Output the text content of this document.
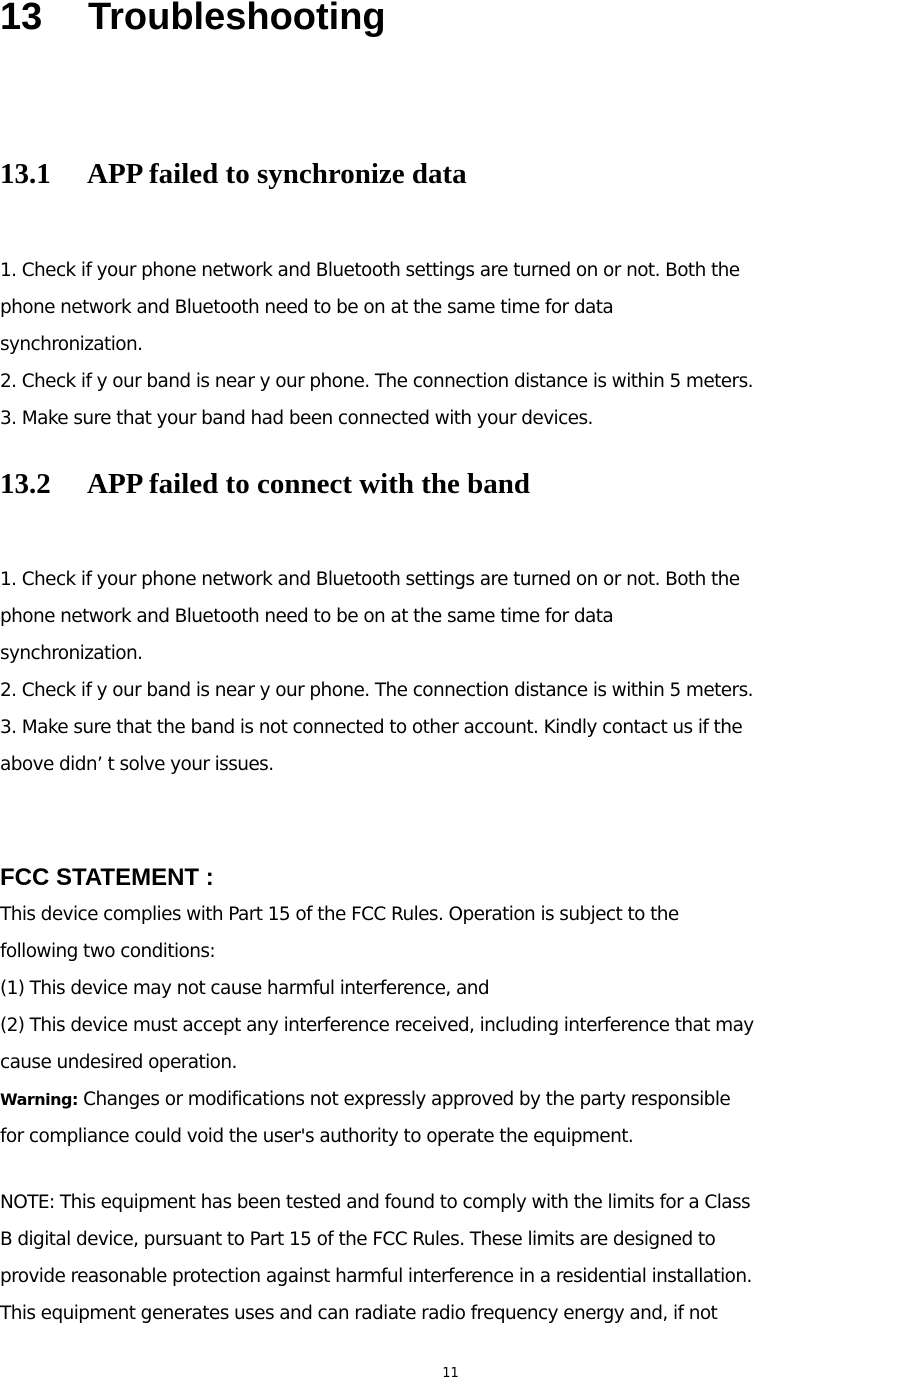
13 Troubleshooting
13.1 APP failed to synchronize data
1. Check if your phone network and Bluetooth settings are turned on or not. Both the
phone network and Bluetooth need to be on at the same time for data
synchronization.
2. Check if y our band is near y our phone. The connection distance is within 5 meters.
3. Make sure that your band had been connected with your devices.
13.2 APP failed to connect with the band
1. Check if your phone network and Bluetooth settings are turned on or not. Both the
phone network and Bluetooth need to be on at the same time for data
synchronization.
2. Check if y our band is near y our phone. The connection distance is within 5 meters.
3. Make sure that the band is not connected to other account. Kindly contact us if the
above didn’ t solve your issues.
FCC STATEMENT :
This device complies with Part 15 of the FCC Rules. Operation is subject to the
following two conditions:
(1) This device may not cause harmful interference, and
(2) This device must accept any interference received, including interference that may
cause undesired operation.
Warning: Changes or modifications not expressly approved by the party responsible
for compliance could void the user's authority to operate the equipment.
NOTE: This equipment has been tested and found to comply with the limits for a Class
B digital device, pursuant to Part 15 of the FCC Rules. These limits are designed to
provide reasonable protection against harmful interference in a residential installation.
This equipment generates uses and can radiate radio frequency energy and, if not
11
